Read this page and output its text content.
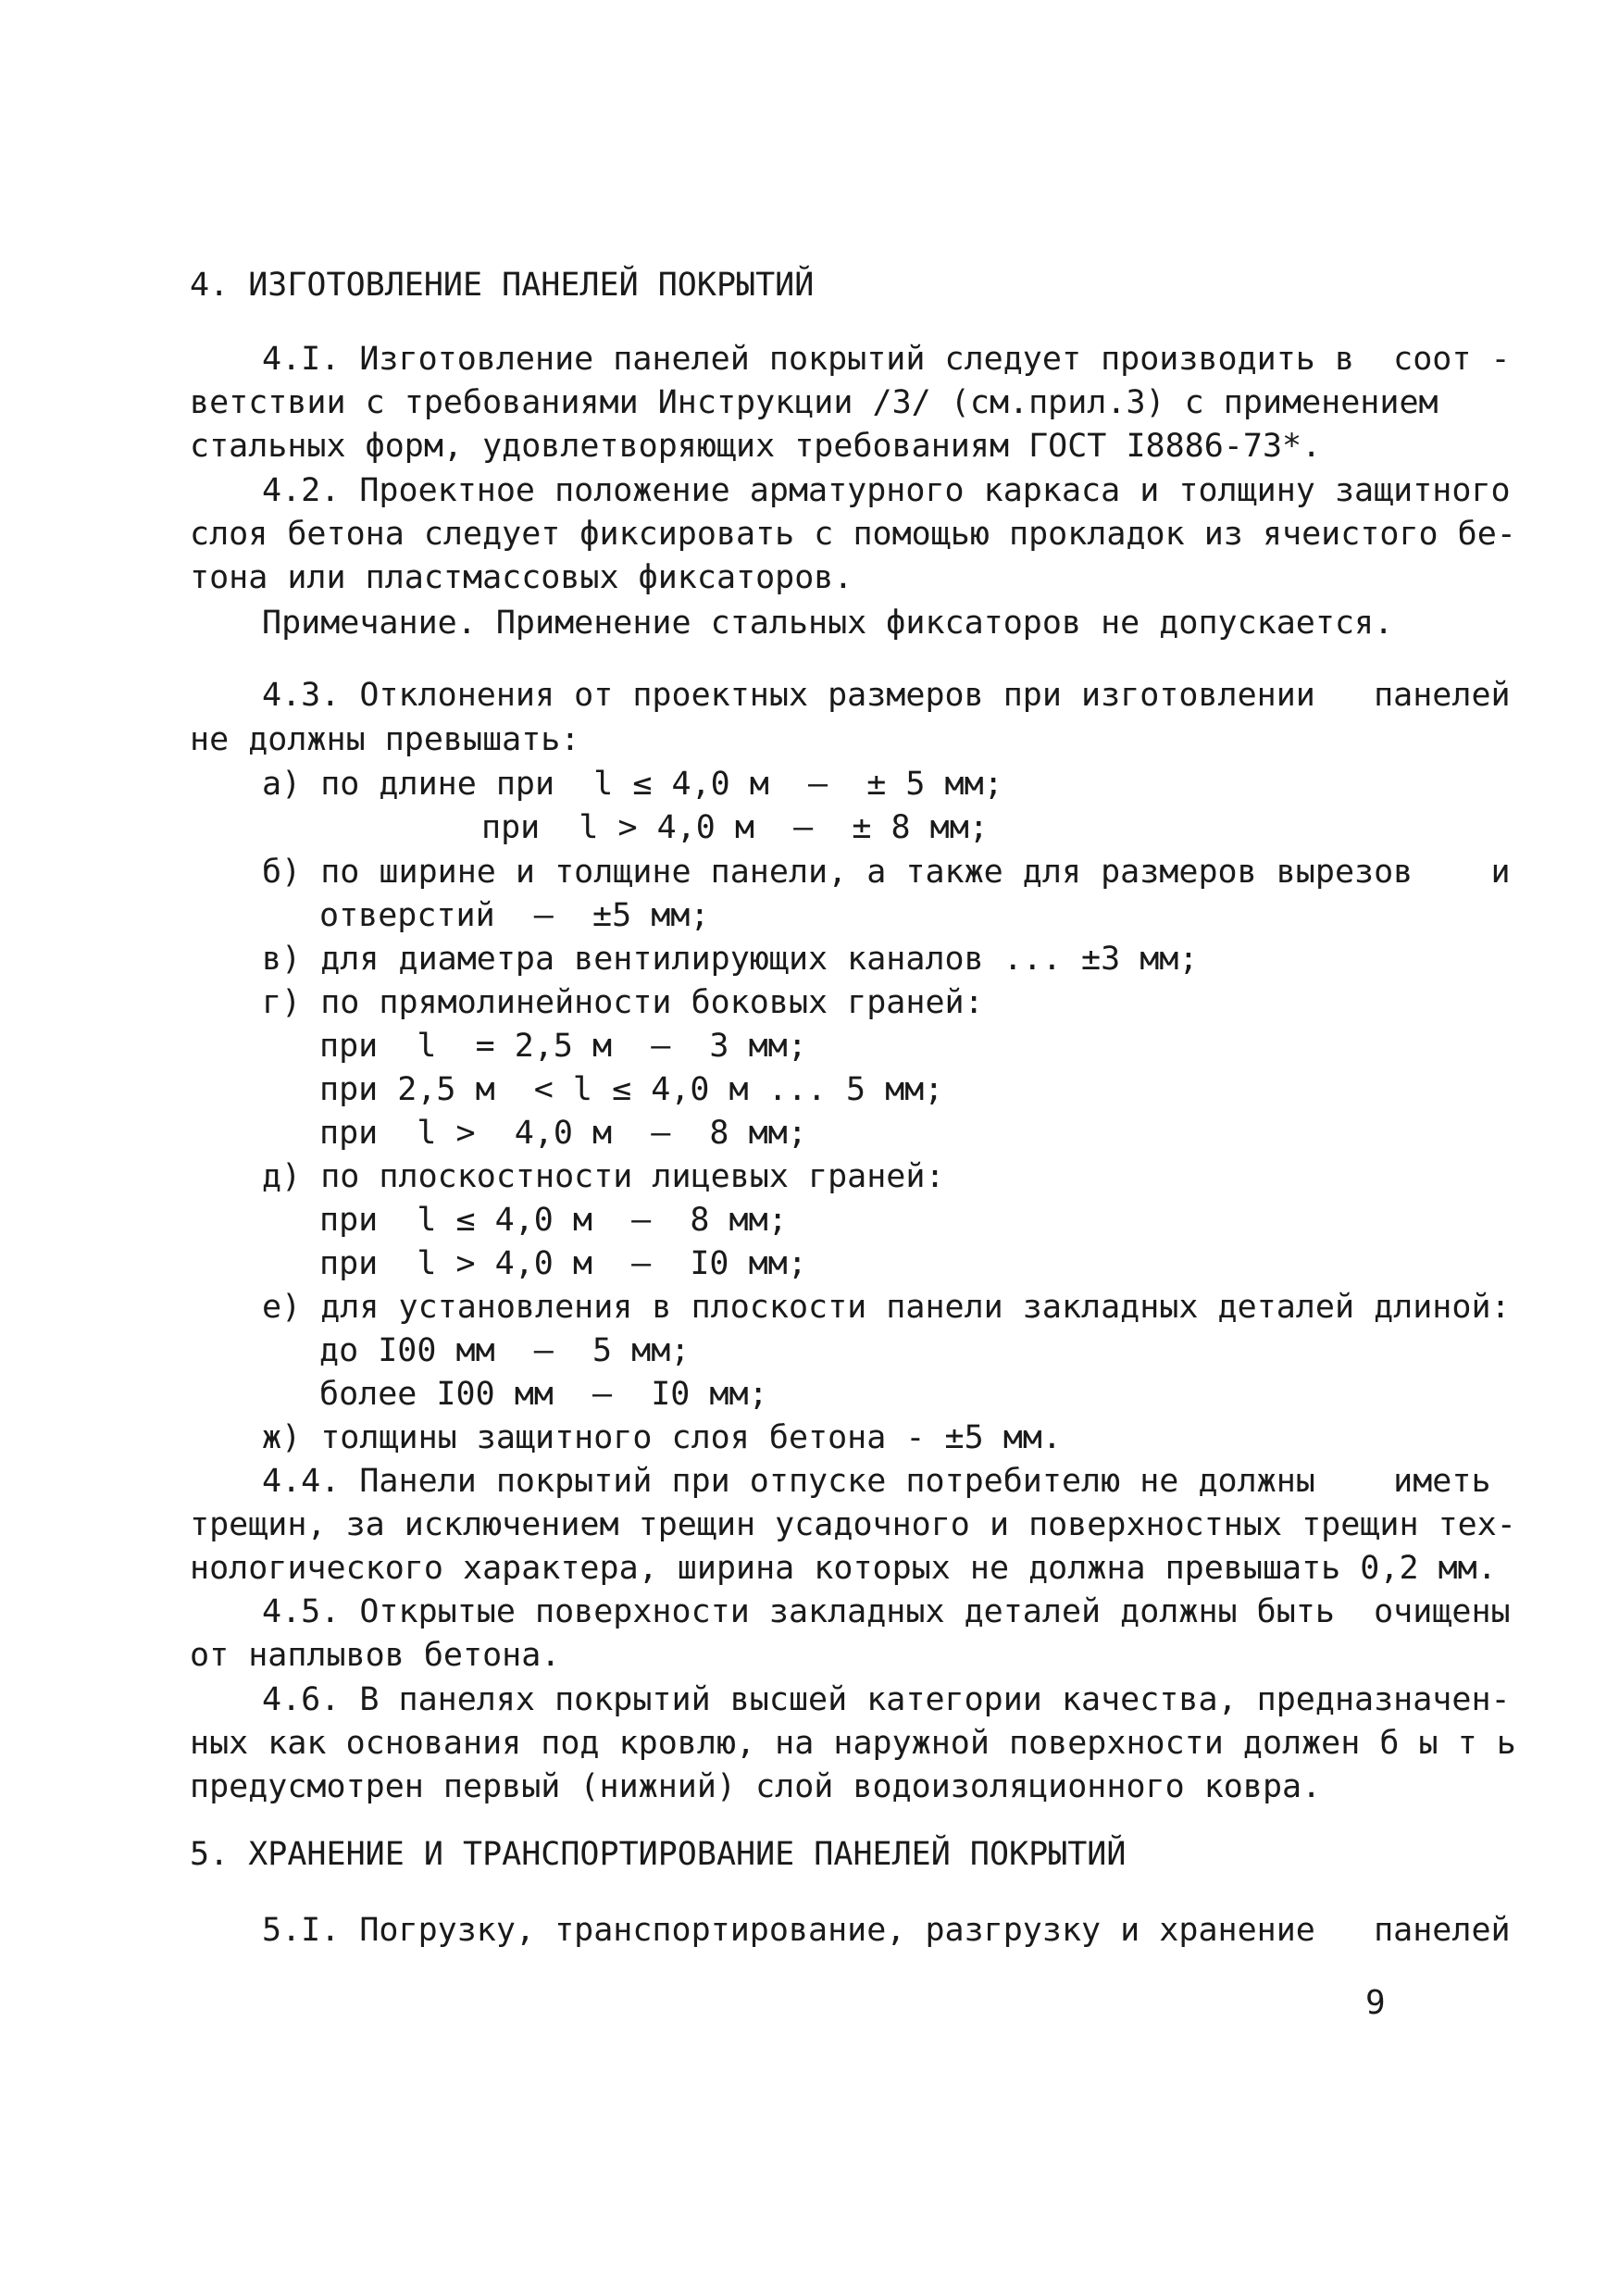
4. ИЗГОТОВЛЕНИЕ ПАНЕЛЕЙ ПОКРЫТИЙ
4.I. Изготовление панелей покрытий следует производить в  соот -
ветствии с требованиями Инструкции /3/ (см.прил.3) с применением
стальных форм, удовлетворяющих требованиям ГОСТ I8886-73*.
4.2. Проектное положение арматурного каркаса и толщину защитного
слоя бетона следует фиксировать с помощью прокладок из ячеистого бе-
тона или пластмассовых фиксаторов.
Примечание. Применение стальных фиксаторов не допускается.
4.3. Отклонения от проектных размеров при изготовлении   панелей
не должны превышать:
а) по длине при  l ≤ 4,0 м  —  ± 5 мм;
при  l > 4,0 м  —  ± 8 мм;
б) по ширине и толщине панели, а также для размеров вырезов    и
отверстий  —  ±5 мм;
в) для диаметра вентилирующих каналов ... ±3 мм;
г) по прямолинейности боковых граней:
при  l  = 2,5 м  —  3 мм;
при 2,5 м  < l ≤ 4,0 м ... 5 мм;
при  l >  4,0 м  —  8 мм;
д) по плоскостности лицевых граней:
при  l ≤ 4,0 м  —  8 мм;
при  l > 4,0 м  —  I0 мм;
е) для установления в плоскости панели закладных деталей длиной:
до I00 мм  —  5 мм;
более I00 мм  —  I0 мм;
ж) толщины защитного слоя бетона - ±5 мм.
4.4. Панели покрытий при отпуске потребителю не должны    иметь
трещин, за исключением трещин усадочного и поверхностных трещин тех-
нологического характера, ширина которых не должна превышать 0,2 мм.
4.5. Открытые поверхности закладных деталей должны быть  очищены
от наплывов бетона.
4.6. В панелях покрытий высшей категории качества, предназначен-
ных как основания под кровлю, на наружной поверхности должен б ы т ь
предусмотрен первый (нижний) слой водоизоляционного ковра.
5. ХРАНЕНИЕ И ТРАНСПОРТИРОВАНИЕ ПАНЕЛЕЙ ПОКРЫТИЙ
5.I. Погрузку, транспортирование, разгрузку и хранение   панелей
9
